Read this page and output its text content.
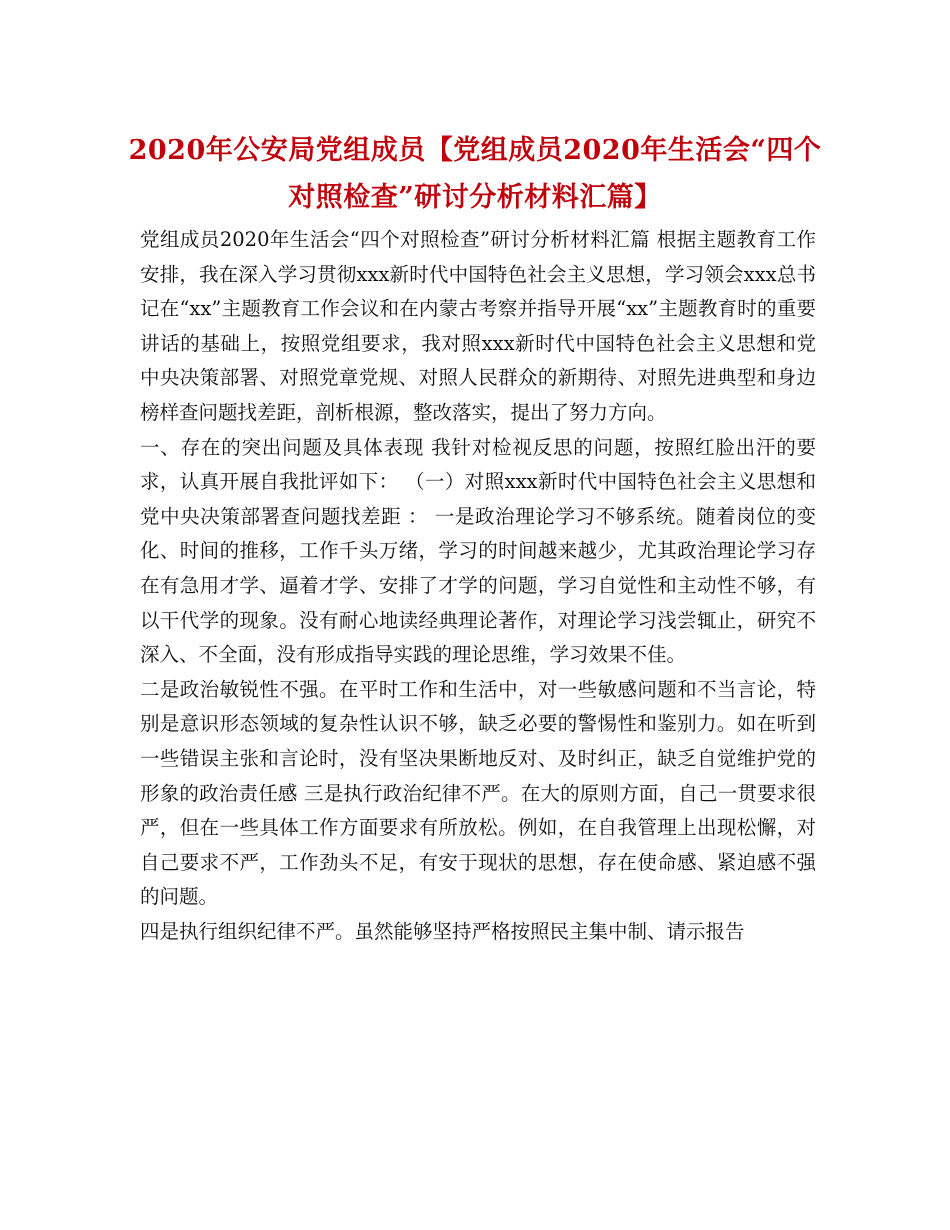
2020年公安局党组成员【党组成员2020年生活会“四个对照检查”研讨分析材料汇篇】

党组成员2020年生活会“四个对照检查”研讨分析材料汇篇 根据主题教育工作安排，我在深入学习贯彻xxx新时代中国特色社会主义思想，学习领会xxx总书记在“xx”主题教育工作会议和在内蒙古考察并指导开展“xx”主题教育时的重要讲话的基础上，按照党组要求，我对照xxx新时代中国特色社会主义思想和党中央决策部署、对照党章党规、对照人民群众的新期待、对照先进典型和身边榜样查问题找差距，剖析根源，整改落实，提出了努力方向。

一、存在的突出问题及具体表现 我针对检视反思的问题，按照红脸出汗的要求，认真开展自我批评如下： （一）对照xxx新时代中国特色社会主义思想和党中央决策部署查问题找差距 ： 一是政治理论学习不够系统。随着岗位的变化、时间的推移，工作千头万绪，学习的时间越来越少，尤其政治理论学习存在有急用才学、逼着才学、安排了才学的问题，学习自觉性和主动性不够，有以干代学的现象。没有耐心地读经典理论著作，对理论学习浅尝辄止，研究不深入、不全面，没有形成指导实践的理论思维，学习效果不佳。

二是政治敏锐性不强。在平时工作和生活中，对一些敏感问题和不当言论，特别是意识形态领域的复杂性认识不够，缺乏必要的警惕性和鉴别力。如在听到一些错误主张和言论时，没有坚决果断地反对、及时纠正，缺乏自觉维护党的形象的政治责任感 三是执行政治纪律不严。在大的原则方面，自己一贯要求很严，但在一些具体工作方面要求有所放松。例如，在自我管理上出现松懈，对自己要求不严，工作劲头不足，有安于现状的思想，存在使命感、紧迫感不强的问题。

四是执行组织纪律不严。虽然能够坚持严格按照民主集中制、请示报告
